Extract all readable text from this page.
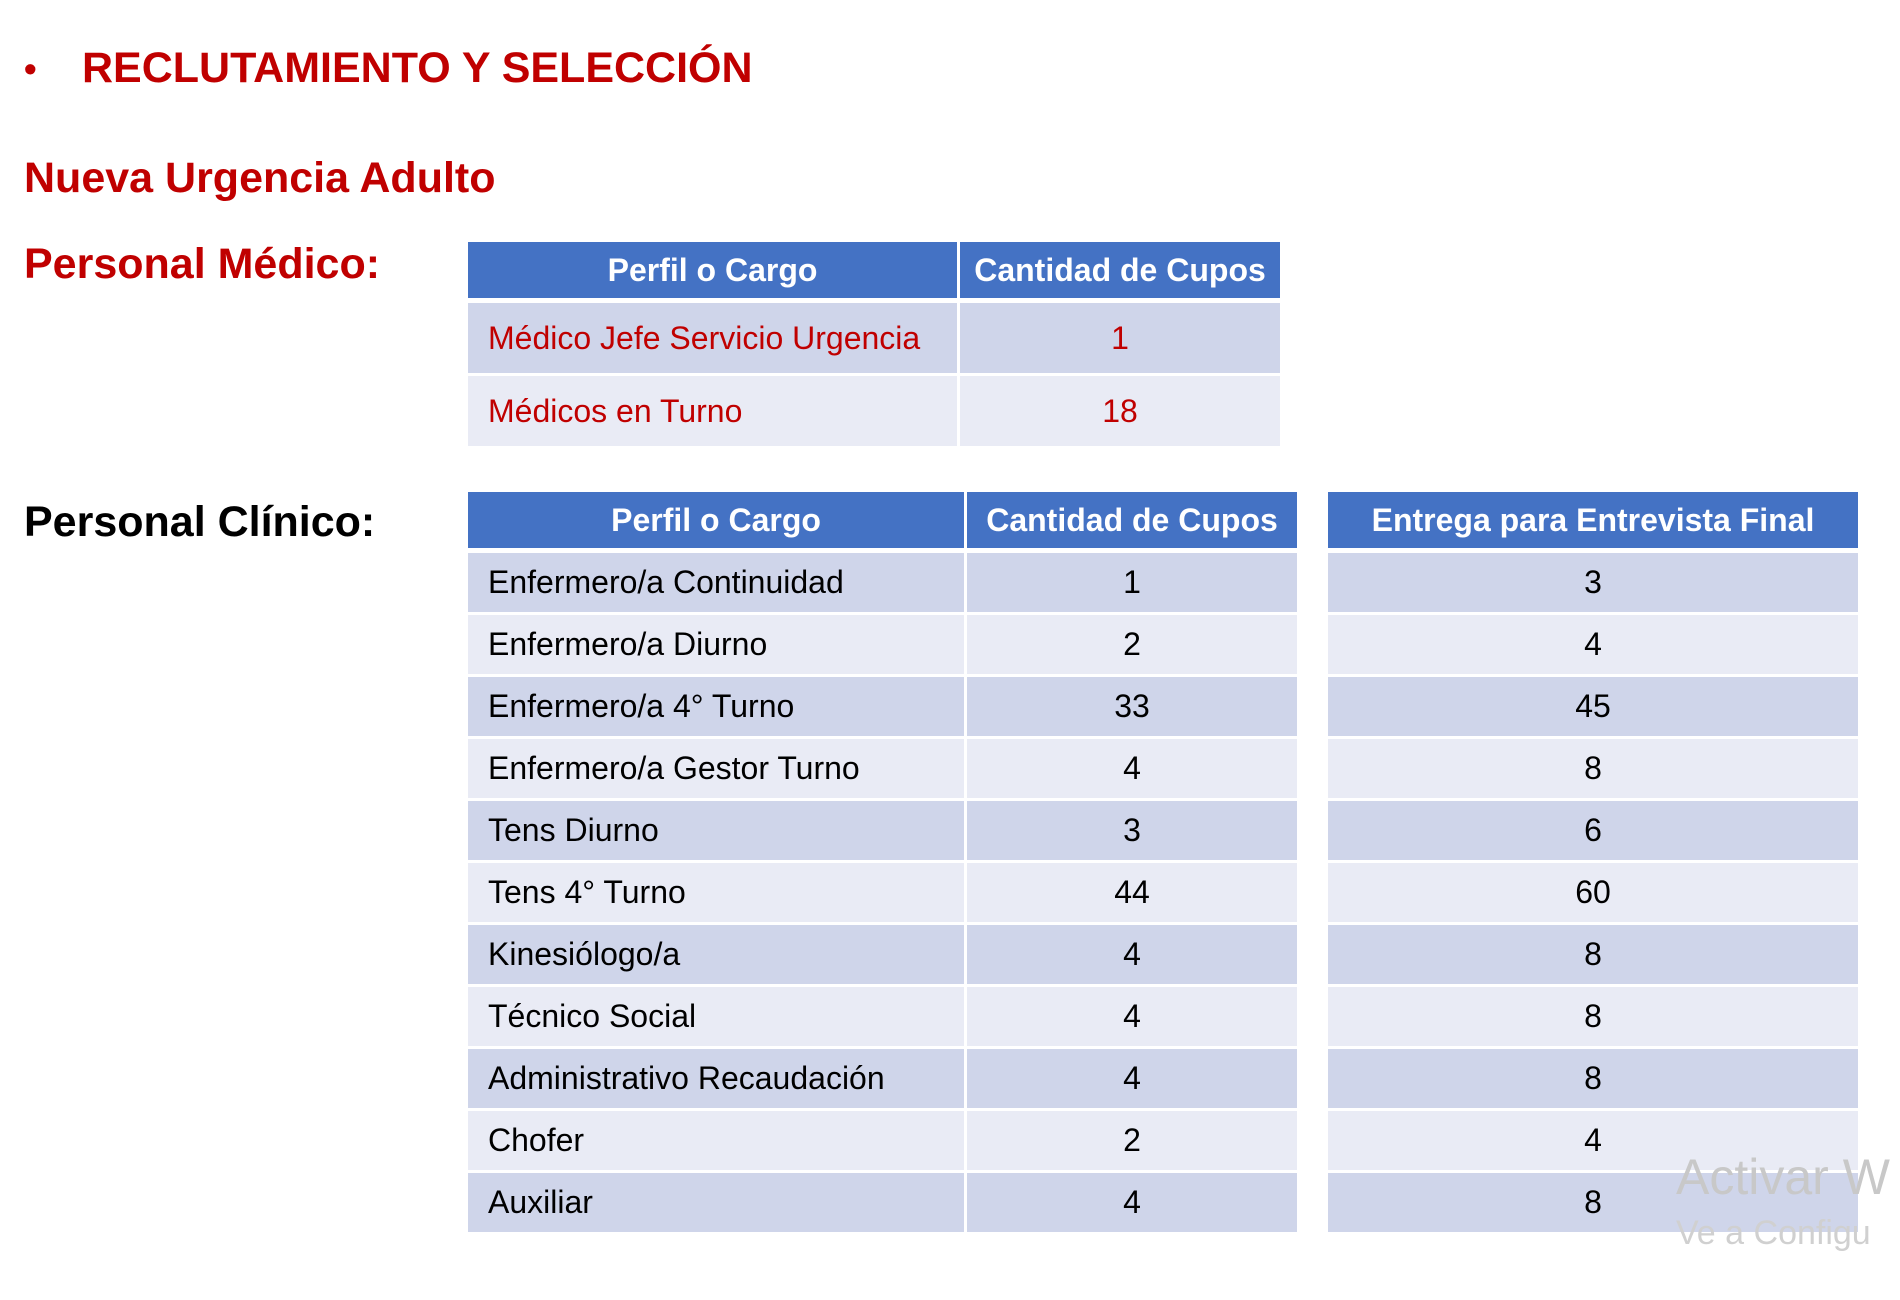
•	RECLUTAMIENTO Y SELECCIÓN
Nueva Urgencia Adulto
Personal Médico:
Personal Clínico:
Perfil o Cargo	Cantidad de Cupos
Médico Jefe Servicio Urgencia	1
Médicos en Turno	18
Perfil o Cargo	Cantidad de Cupos		Entrega para Entrevista Final
Enfermero/a Continuidad	1		3
Enfermero/a Diurno	2		4
Enfermero/a 4° Turno	33		45
Enfermero/a Gestor Turno	4		8
Tens Diurno	3		6
Tens 4° Turno	44		60
Kinesiólogo/a	4		8
Técnico Social	4		8
Administrativo Recaudación	4		8
Chofer	2		4
Auxiliar	4		8 Activar W
Ve a Configu
